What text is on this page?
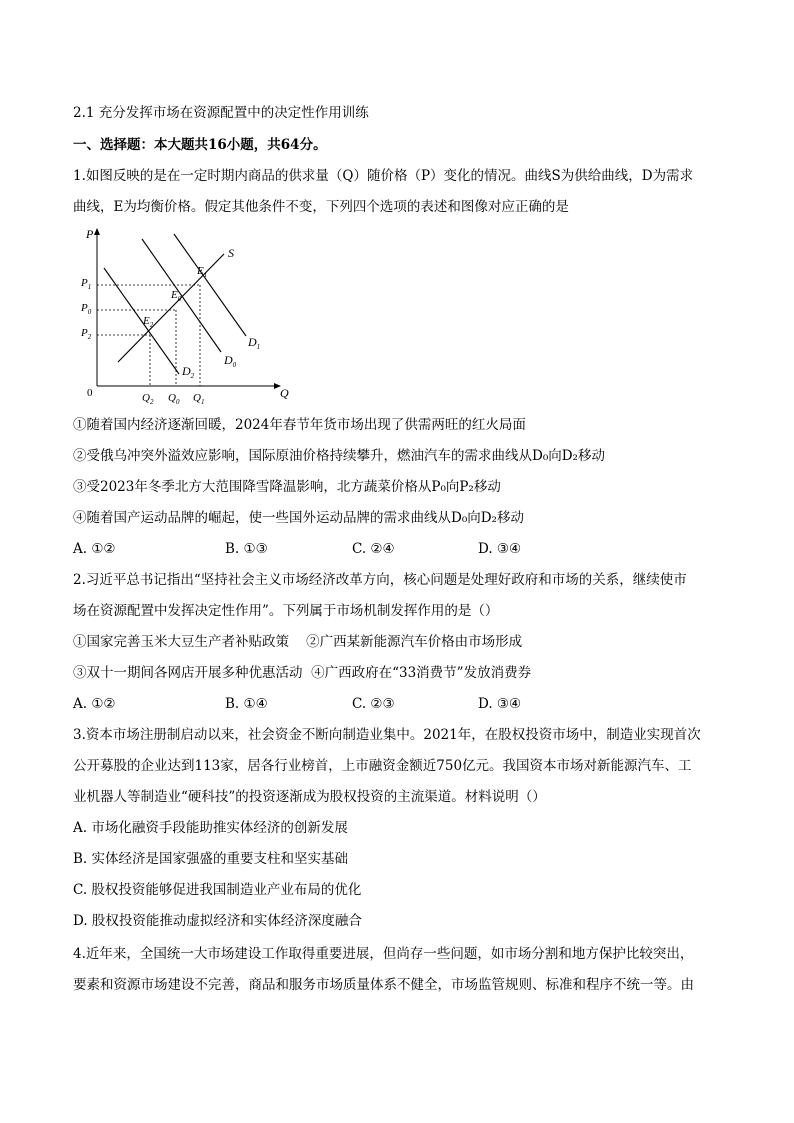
2.1 充分发挥市场在资源配置中的决定性作用训练
一、选择题：本大题共16小题，共64分。
1.如图反映的是在一定时期内商品的供求量（Q）随价格（P）变化的情况。曲线S为供给曲线，D为需求
曲线，E为均衡价格。假定其他条件不变，下列四个选项的表述和图像对应正确的是
P
Q
0
S
$D_1$
$D_0$
$D_2$
$E_1$
$E_0$
$E_2$
$P_1$
$P_0$
$P_2$
$Q_2$ $Q_0$ $Q_1$
①随着国内经济逐渐回暖，2024年春节年货市场出现了供需两旺的红火局面
②受俄乌冲突外溢效应影响，国际原油价格持续攀升，燃油汽车的需求曲线从D₀向D₂移动
③受2023年冬季北方大范围降雪降温影响，北方蔬菜价格从P₀向P₂移动
④随着国产运动品牌的崛起，使一些国外运动品牌的需求曲线从D₀向D₂移动
A. ①②	B. ①③	C. ②④	D. ③④
2.习近平总书记指出“坚持社会主义市场经济改革方向，核心问题是处理好政府和市场的关系，继续使市
场在资源配置中发挥决定性作用”。下列属于市场机制发挥作用的是（）
①国家完善玉米大豆生产者补贴政策    ②广西某新能源汽车价格由市场形成
③双十一期间各网店开展多种优惠活动  ④广西政府在“33消费节”发放消费券
A. ①②	B. ①④	C. ②③	D. ③④
3.资本市场注册制启动以来，社会资金不断向制造业集中。2021年，在股权投资市场中，制造业实现首次
公开募股的企业达到113家，居各行业榜首，上市融资金额近750亿元。我国资本市场对新能源汽车、工
业机器人等制造业“硬科技”的投资逐渐成为股权投资的主流渠道。材料说明（）
A. 市场化融资手段能助推实体经济的创新发展
B. 实体经济是国家强盛的重要支柱和坚实基础
C. 股权投资能够促进我国制造业产业布局的优化
D. 股权投资能推动虚拟经济和实体经济深度融合
4.近年来，全国统一大市场建设工作取得重要进展，但尚存一些问题，如市场分割和地方保护比较突出，
要素和资源市场建设不完善，商品和服务市场质量体系不健全，市场监管规则、标准和程序不统一等。由
